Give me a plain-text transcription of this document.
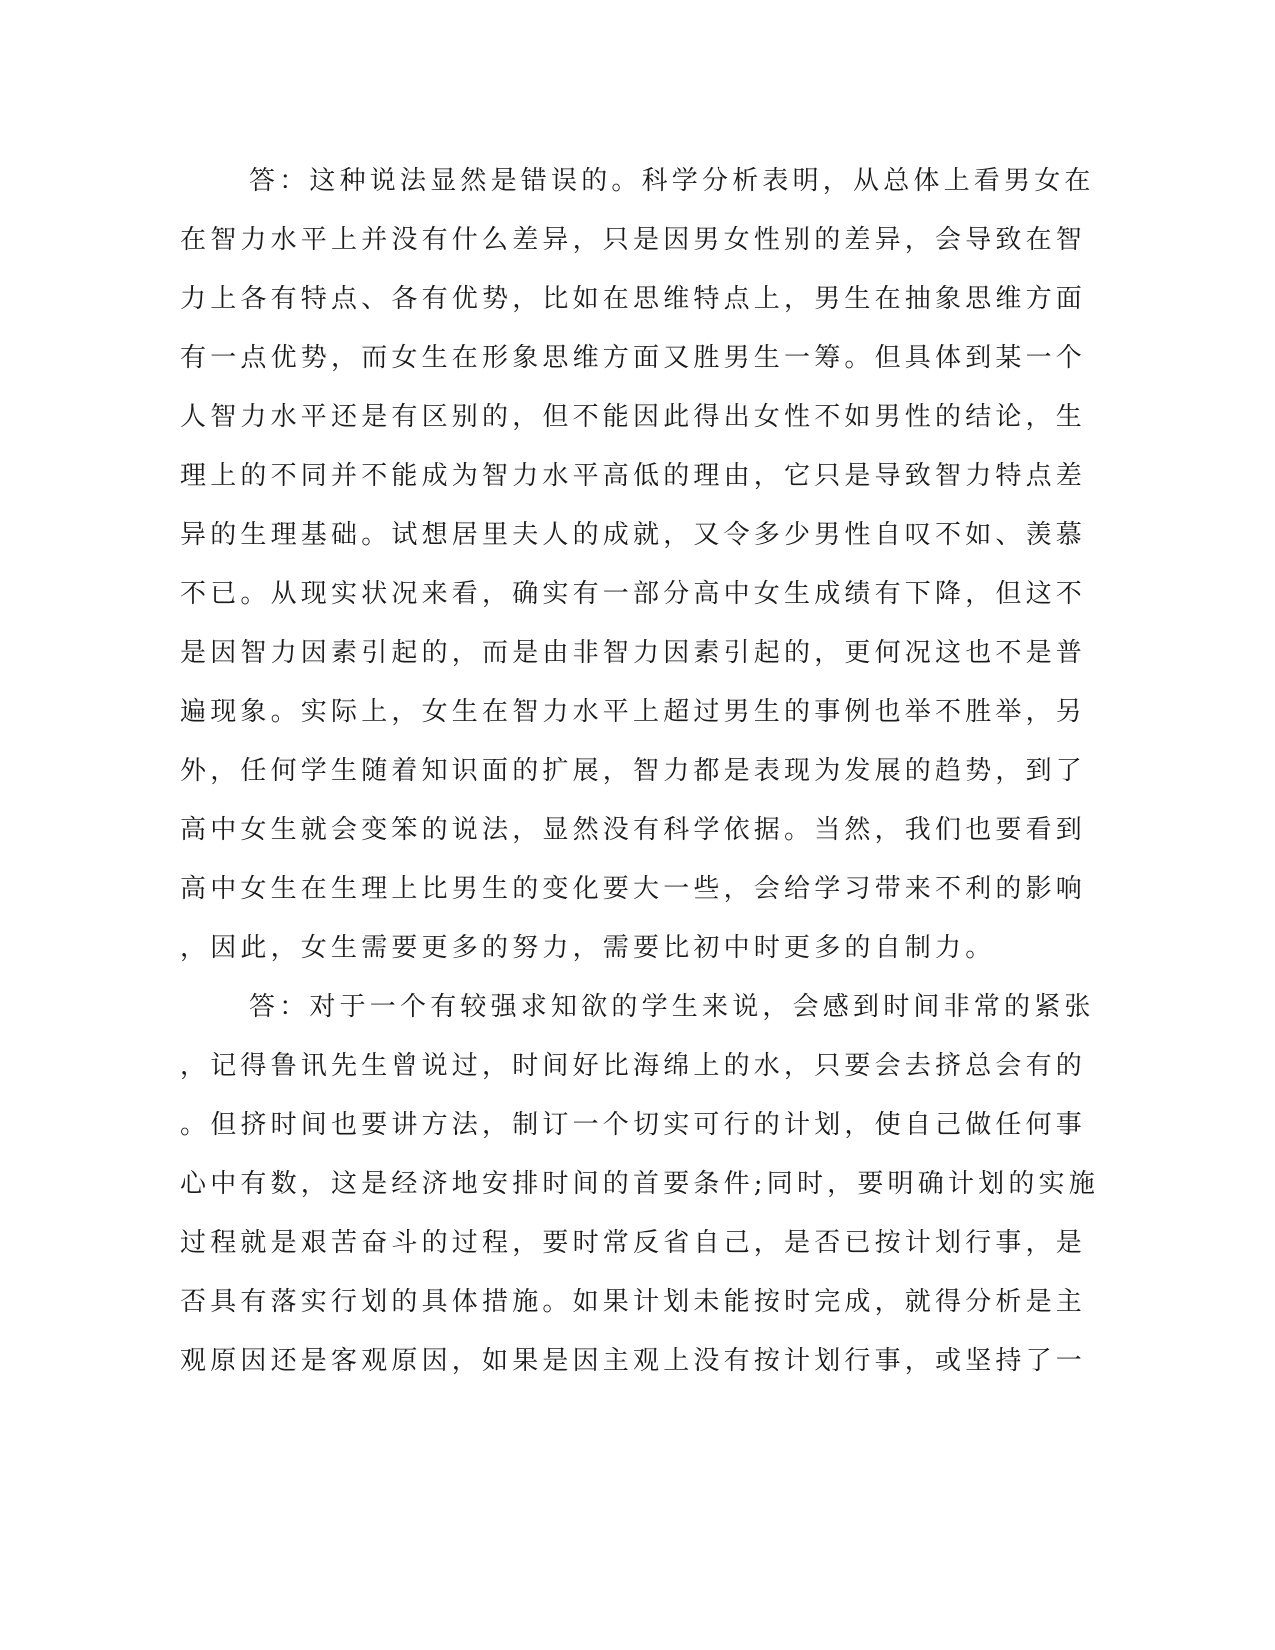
答：这种说法显然是错误的。科学分析表明，从总体上看男女在
在智力水平上并没有什么差异，只是因男女性别的差异，会导致在智
力上各有特点、各有优势，比如在思维特点上，男生在抽象思维方面
有一点优势，而女生在形象思维方面又胜男生一筹。但具体到某一个
人智力水平还是有区别的，但不能因此得出女性不如男性的结论，生
理上的不同并不能成为智力水平高低的理由，它只是导致智力特点差
异的生理基础。试想居里夫人的成就，又令多少男性自叹不如、羡慕
不已。从现实状况来看，确实有一部分高中女生成绩有下降，但这不
是因智力因素引起的，而是由非智力因素引起的，更何况这也不是普
遍现象。实际上，女生在智力水平上超过男生的事例也举不胜举，另
外，任何学生随着知识面的扩展，智力都是表现为发展的趋势，到了
高中女生就会变笨的说法，显然没有科学依据。当然，我们也要看到
高中女生在生理上比男生的变化要大一些，会给学习带来不利的影响
，因此，女生需要更多的努力，需要比初中时更多的自制力。
答：对于一个有较强求知欲的学生来说，会感到时间非常的紧张
，记得鲁讯先生曾说过，时间好比海绵上的水，只要会去挤总会有的
。但挤时间也要讲方法，制订一个切实可行的计划，使自己做任何事
心中有数，这是经济地安排时间的首要条件;同时，要明确计划的实施
过程就是艰苦奋斗的过程，要时常反省自己，是否已按计划行事，是
否具有落实行划的具体措施。如果计划未能按时完成，就得分析是主
观原因还是客观原因，如果是因主观上没有按计划行事，或坚持了一
